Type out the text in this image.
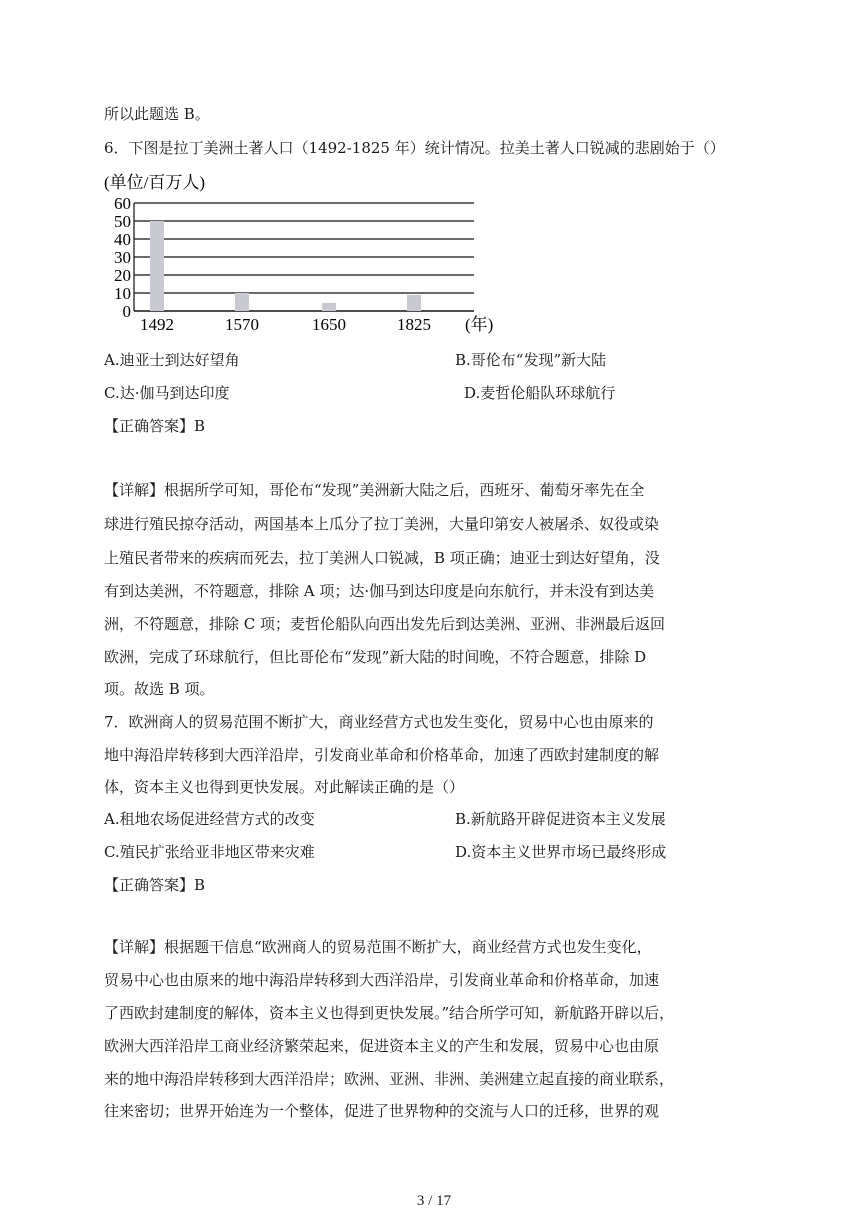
所以此题选 B。
6．下图是拉丁美洲土著人口（1492-1825 年）统计情况。拉美土著人口锐减的悲剧始于（）
(单位/百万人)
0
10
20
30
40
50
60
1492	1570	1650	1825 (年)
A.迪亚士到达好望角	B.哥伦布“发现”新大陆
C.达·伽马到达印度	D.麦哲伦船队环球航行
【正确答案】B
【详解】根据所学可知，哥伦布“发现”美洲新大陆之后，西班牙、葡萄牙率先在全
球进行殖民掠夺活动，两国基本上瓜分了拉丁美洲，大量印第安人被屠杀、奴役或染
上殖民者带来的疾病而死去，拉丁美洲人口锐减，B 项正确；迪亚士到达好望角，没
有到达美洲，不符题意，排除 A 项；达·伽马到达印度是向东航行，并未没有到达美
洲，不符题意，排除 C 项；麦哲伦船队向西出发先后到达美洲、亚洲、非洲最后返回
欧洲，完成了环球航行，但比哥伦布“发现”新大陆的时间晚，不符合题意，排除 D
项。故选 B 项。
7．欧洲商人的贸易范围不断扩大，商业经营方式也发生变化，贸易中心也由原来的
地中海沿岸转移到大西洋沿岸，引发商业革命和价格革命，加速了西欧封建制度的解
体，资本主义也得到更快发展。对此解读正确的是（）
A.租地农场促进经营方式的改变	B.新航路开辟促进资本主义发展
C.殖民扩张给亚非地区带来灾难	D.资本主义世界市场已最终形成
【正确答案】B
【详解】根据题干信息“欧洲商人的贸易范围不断扩大，商业经营方式也发生变化，
贸易中心也由原来的地中海沿岸转移到大西洋沿岸，引发商业革命和价格革命，加速
了西欧封建制度的解体，资本主义也得到更快发展。”结合所学可知，新航路开辟以后，
欧洲大西洋沿岸工商业经济繁荣起来，促进资本主义的产生和发展，贸易中心也由原
来的地中海沿岸转移到大西洋沿岸；欧洲、亚洲、非洲、美洲建立起直接的商业联系，
往来密切；世界开始连为一个整体，促进了世界物种的交流与人口的迁移，世界的观
3 / 17
